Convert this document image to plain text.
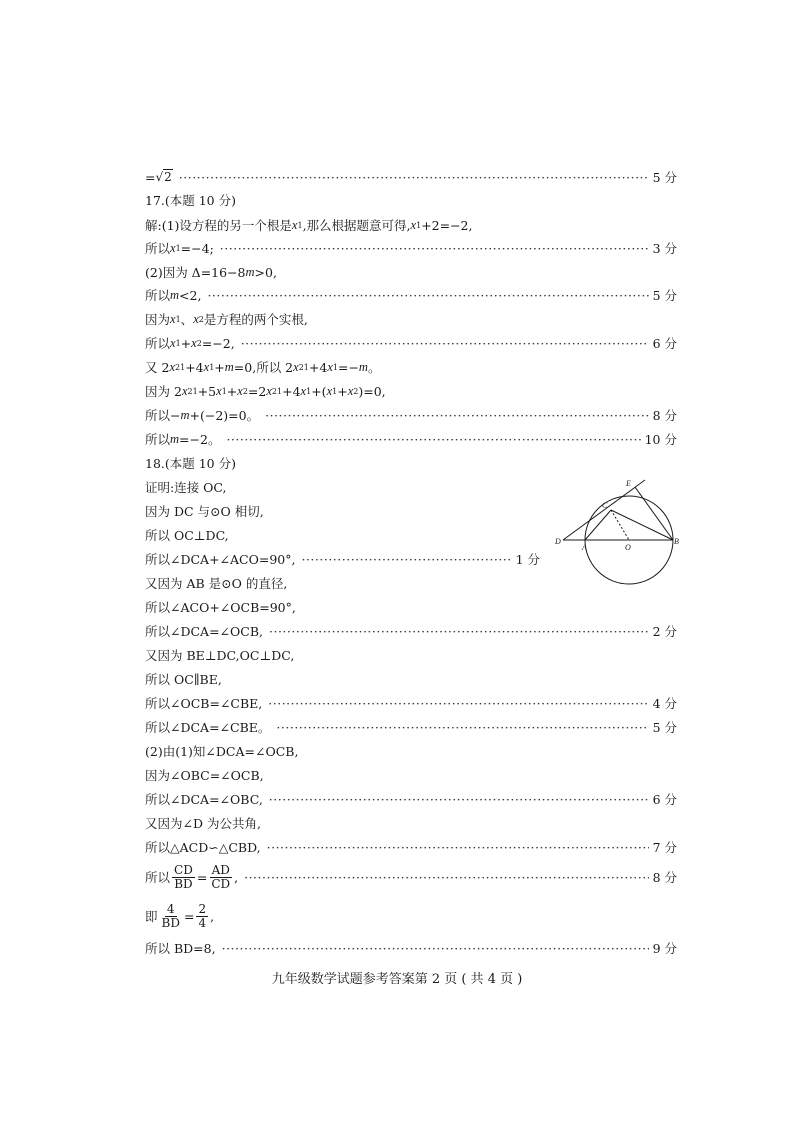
= √2 ·····	5 分
17.(本题 10 分)
解:(1)设方程的另一个根是 x 1 ,那么根据题意可得, x 1 +2=−2,
所以 x 1 =−4; ·····	3 分
(2)因为 Δ=16−8 m >0,
所以 m <2, ·····	5 分
因为 x 1 、 x 2 是方程的两个实根,
所以 x 1 + x 2 =−2, ·····	6 分
又 2 x 2 1 +4 x 1 + m =0,所以 2 x 2 1 +4 x 1 =− m 。
因为 2 x 2 1 +5 x 1 + x 2 =2 x 2 1 +4 x 1 +( x 1 + x 2 )=0,
所以− m +(−2)=0。 ·····	8 分
所以 m =−2。 ·····	10 分
18.(本题 10 分)
证明:连接 OC,
因为 DC 与⊙O 相切,
所以 OC⊥DC,
所以∠DCA+∠ACO=90°, ·····	1 分
又因为 AB 是⊙O 的直径,
所以∠ACO+∠OCB=90°,
所以∠DCA=∠OCB, ·····	2 分
又因为 BE⊥DC,OC⊥DC,
所以 OC∥BE,
所以∠OCB=∠CBE, ·····	4 分
所以∠DCA=∠CBE。 ·····	5 分
(2)由(1)知∠DCA=∠OCB,
因为∠OBC=∠OCB,
所以∠DCA=∠OBC, ·····	6 分
又因为∠D 为公共角,
所以△ACD∽△CBD, ·····	7 分
所以 $\frac{CD}{BD} = \frac{AD}{CD}$ , ·····	8 分
即 $\frac{4}{BD} = \frac{2}{4}$ ,
所以 BD=8, ·····	9 分
E
C
D
A	O
B
九年级数学试题参考答案第 2 页 ( 共 4 页 )
